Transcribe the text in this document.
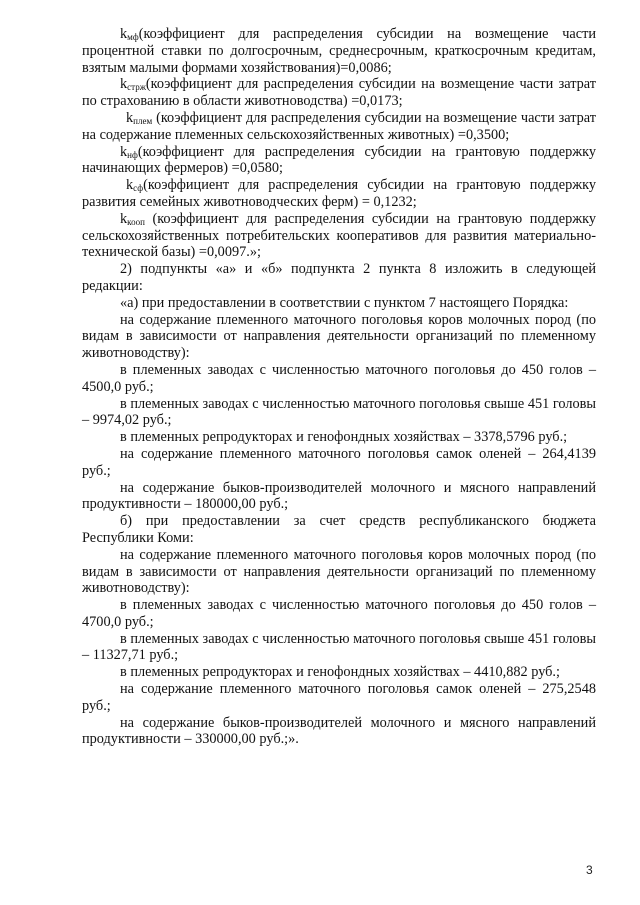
$k_{мф}(коэффициент$ для распределения субсидии на возмещение части процентной ставки по долгосрочным, среднесрочным, краткосрочным кредитам, взятым малыми формами хозяйствования)=0,0086;

$k_{стрж}(коэффициент$ для распределения субсидии на возмещение части затрат по страхованию в области животноводства) =0,0173;

$k_{плем}$ (коэффициент для распределения субсидии на возмещение части затрат на содержание племенных сельскохозяйственных животных) =0,3500;

$k_{нф}(коэффициент$ для распределения субсидии на грантовую поддержку начинающих фермеров) =0,0580;

$k_{сф}(коэффициент$ для распределения субсидии на грантовую поддержку развития семейных животноводческих ферм) = 0,1232;

$k_{кооп}$ (коэффициент для распределения субсидии на грантовую поддержку сельскохозяйственных потребительских кооперативов для развития материально-технической базы) =0,0097.»;

2) подпункты «а» и «б» подпункта 2 пункта 8 изложить в следующей редакции:

«а) при предоставлении в соответствии с пунктом 7 настоящего Порядка:

на содержание племенного маточного поголовья коров молочных пород (по видам в зависимости от направления деятельности организаций по племенному животноводству):

в племенных заводах с численностью маточного поголовья до 450 голов – 4500,0 руб.;

в племенных заводах с численностью маточного поголовья свыше 451 головы – 9974,02 руб.;

в племенных репродукторах и генофондных хозяйствах – 3378,5796 руб.;

на содержание племенного маточного поголовья самок оленей – 264,4139 руб.;

на содержание быков-производителей молочного и мясного направлений продуктивности – 180000,00 руб.;

б) при предоставлении за счет средств республиканского бюджета Республики Коми:

на содержание племенного маточного поголовья коров молочных пород (по видам в зависимости от направления деятельности организаций по племенному животноводству):

в племенных заводах с численностью маточного поголовья до 450 голов – 4700,0 руб.;

в племенных заводах с численностью маточного поголовья свыше 451 головы – 11327,71 руб.;

в племенных репродукторах и генофондных хозяйствах – 4410,882 руб.;

на содержание племенного маточного поголовья самок оленей – 275,2548 руб.;

на содержание быков-производителей молочного и мясного направлений продуктивности – 330000,00 руб.;».

3
